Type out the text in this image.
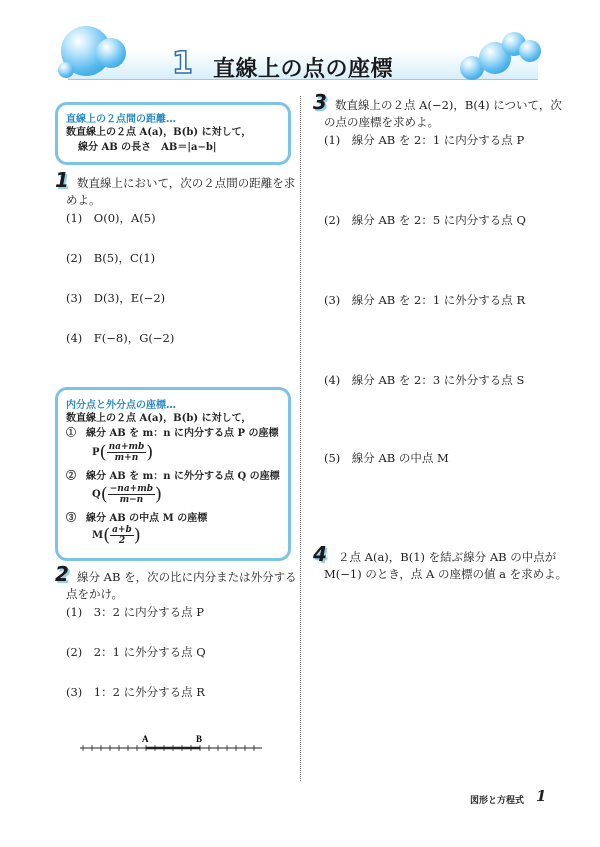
1 直線上の点の座標
直線上の２点間の距離…
数直線上の２点 A(a)，B(b) に対して，
線分 AB の長さ　AB＝|a−b|
1 数直線上において，次の２点間の距離を求
めよ。
(1)　O(0)，A(5)
(2)　B(5)，C(1)
(3)　D(3)，E(−2)
(4)　F(−8)，G(−2)
内分点と外分点の座標…
数直線上の２点 A(a)，B(b) に対して，
①　線分 AB を m：n に内分する点 P の座標
$P( \frac{na+mb}{m+n}$ )
②　線分 AB を m：n に外分する点 Q の座標
$Q( \frac{-na+mb}{m-n}$ )
③　線分 AB の中点 M の座標
$M( \frac{a+b}{2}$ )
2 線分 AB を，次の比に内分または外分する
点をかけ。
(1)　3：2 に内分する点 P
(2)　2：1 に外分する点 Q
(3)　1：2 に外分する点 R
A	B
3 数直線上の２点 A(−2)，B(4) について，次
の点の座標を求めよ。
(1)　線分 AB を 2：1 に内分する点 P
(2)　線分 AB を 2：5 に内分する点 Q
(3)　線分 AB を 2：1 に外分する点 R
(4)　線分 AB を 2：3 に外分する点 S
(5)　線分 AB の中点 M
4 ２点 A(a)，B(1) を結ぶ線分 AB の中点が
M(−1) のとき，点 A の座標の値 a を求めよ。
図形と方程式 1
